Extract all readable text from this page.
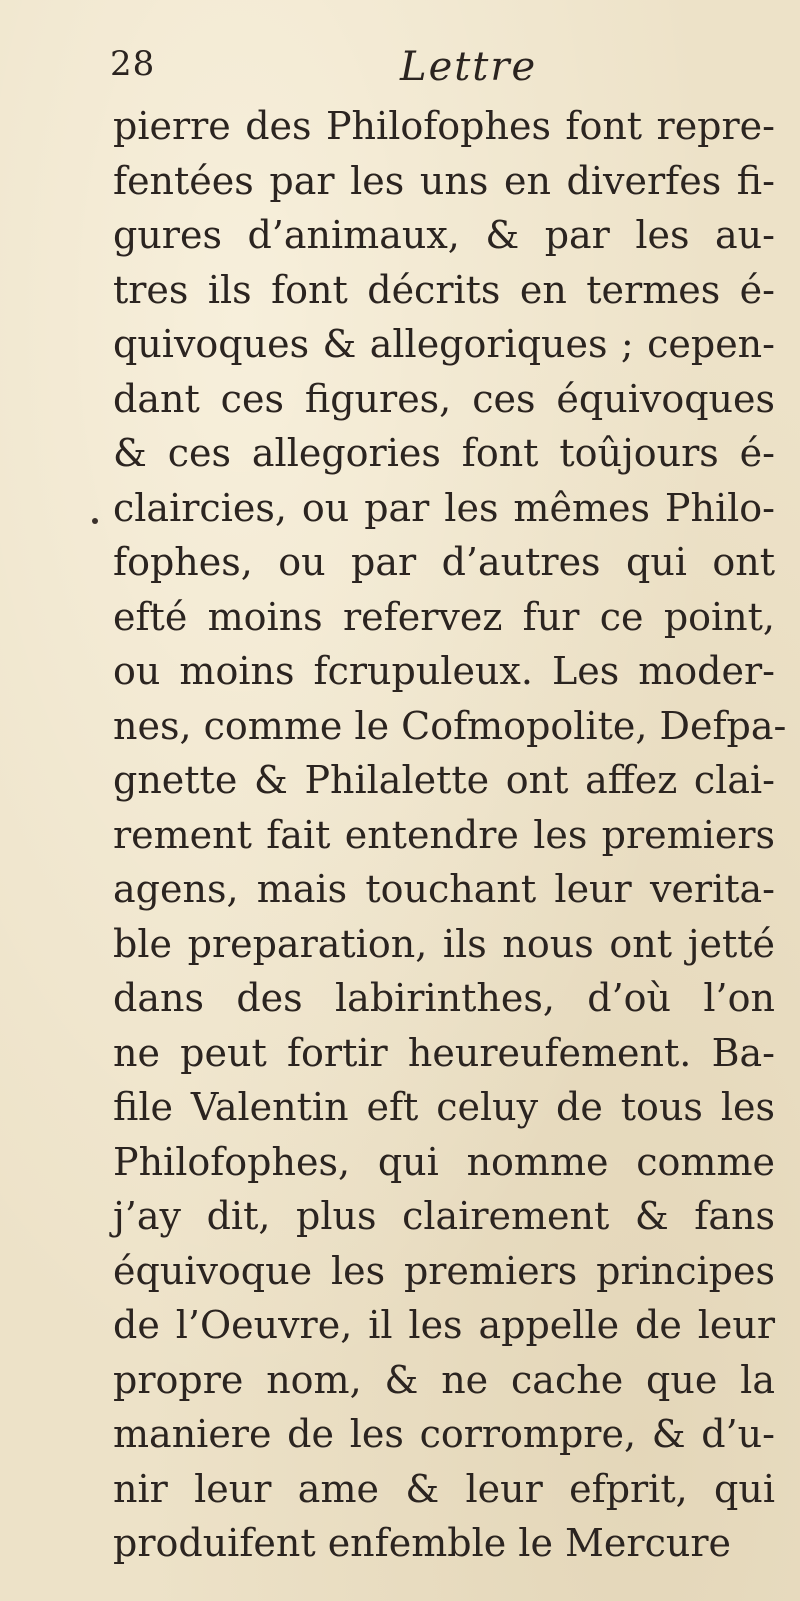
28	Lettre
pierre des Philofophes font repre-
fentées par les uns en diverfes fi-
gures d’animaux, & par les au-
tres ils font décrits en termes é-
quivoques & allegoriques ; cepen-
dant ces figures, ces équivoques
& ces allegories font toûjours é-
claircies, ou par les mêmes Philo-
fophes, ou par d’autres qui ont
efté moins refervez fur ce point,
ou moins fcrupuleux. Les moder-
nes, comme le Cofmopolite, Defpa-
gnette & Philalette ont affez clai-
rement fait entendre les premiers
agens, mais touchant leur verita-
ble preparation, ils nous ont jetté
dans des labirinthes, d’où l’on
ne peut fortir heureufement. Ba-
file Valentin eft celuy de tous les
Philofophes, qui nomme comme
j’ay dit, plus clairement & fans
équivoque les premiers principes
de l’Oeuvre, il les appelle de leur
propre nom, & ne cache que la
maniere de les corrompre, & d’u-
nir leur ame & leur efprit, qui
produifent enfemble le Mercure
